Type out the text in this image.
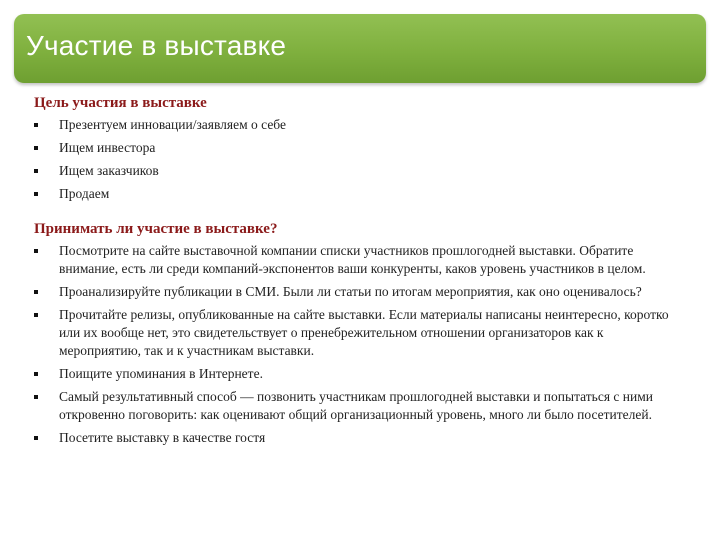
Участие в выставке

Цель участия в выставке

Презентуем инновации/заявляем о себе
Ищем инвестора
Ищем заказчиков
Продаем

Принимать ли участие в выставке?

Посмотрите на сайте выставочной компании списки участников прошлогодней выставки. Обратите внимание, есть ли среди компаний-экспонентов ваши конкуренты, каков уровень участников в целом.
Проанализируйте публикации в СМИ. Были ли статьи по итогам мероприятия, как оно оценивалось?
Прочитайте релизы, опубликованные на сайте выставки. Если материалы написаны неинтересно, коротко или их вообще нет, это свидетельствует о пренебрежительном отношении организаторов как к мероприятию, так и к участникам выставки.
Поищите упоминания в Интернете.
Самый результативный способ — позвонить участникам прошлогодней выставки и попытаться с ними откровенно поговорить: как оценивают общий организационный уровень, много ли было посетителей.
Посетите выставку в качестве гостя
